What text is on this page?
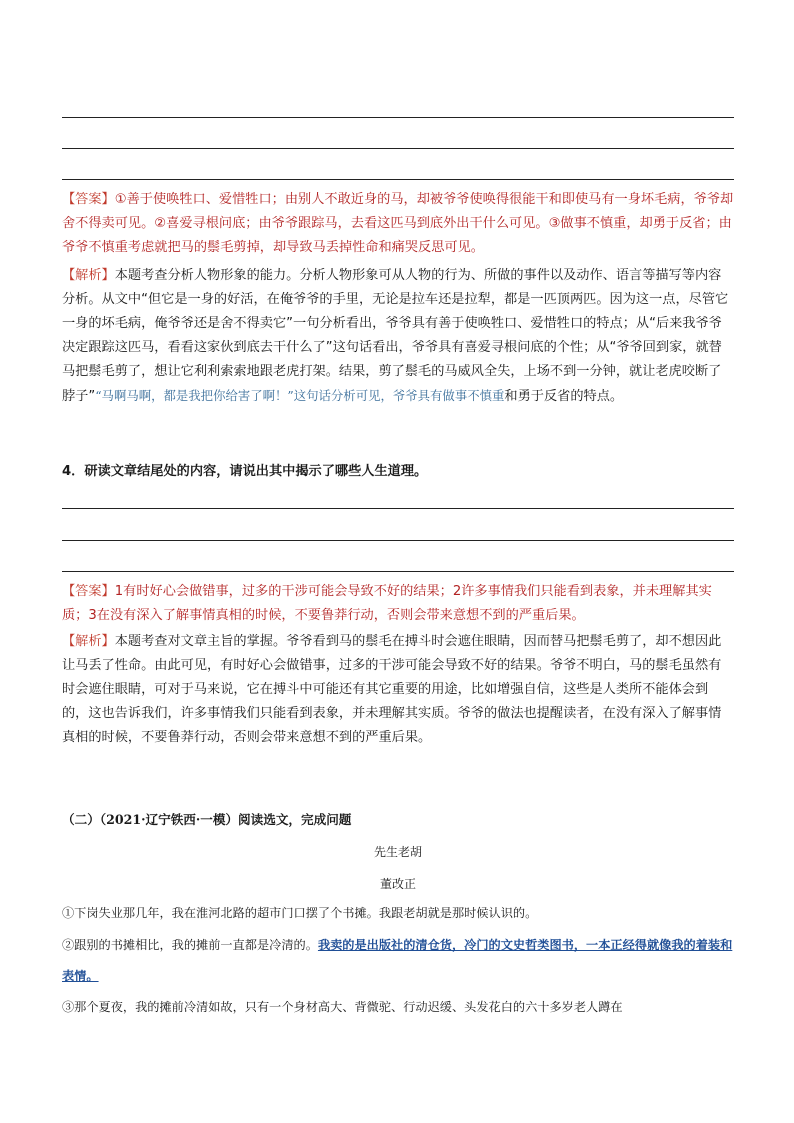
【答案】①善于使唤牲口、爱惜牲口；由别人不敢近身的马，却被爷爷使唤得很能干和即使马有一身坏毛病，爷爷却舍不得卖可见。②喜爱寻根问底；由爷爷跟踪马，去看这匹马到底外出干什么可见。③做事不慎重，却勇于反省；由爷爷不慎重考虑就把马的鬃毛剪掉，却导致马丢掉性命和痛哭反思可见。
【解析】本题考查分析人物形象的能力。分析人物形象可从人物的行为、所做的事件以及动作、语言等描写等内容分析。从文中“但它是一身的好活，在俺爷爷的手里，无论是拉车还是拉犁，都是一匹顶两匹。因为这一点，尽管它一身的坏毛病，俺爷爷还是舍不得卖它”一句分析看出，爷爷具有善于使唤牲口、爱惜牲口的特点；从“后来我爷爷决定跟踪这匹马，看看这家伙到底去干什么了”这句话看出，爷爷具有喜爱寻根问底的个性；从“爷爷回到家，就替马把鬃毛剪了，想让它利利索索地跟老虎打架。结果，剪了鬃毛的马威风全失，上场不到一分钟，就让老虎咬断了脖子”“马啊马啊，都是我把你给害了啊！”这句话分析可见，爷爷具有做事不慎重和勇于反省的特点。
4．研读文章结尾处的内容，请说出其中揭示了哪些人生道理。
【答案】1有时好心会做错事，过多的干涉可能会导致不好的结果；2许多事情我们只能看到表象，并未理解其实质；3在没有深入了解事情真相的时候，不要鲁莽行动，否则会带来意想不到的严重后果。
【解析】本题考查对文章主旨的掌握。爷爷看到马的鬃毛在搏斗时会遮住眼睛，因而替马把鬃毛剪了，却不想因此让马丢了性命。由此可见，有时好心会做错事，过多的干涉可能会导致不好的结果。爷爷不明白，马的鬃毛虽然有时会遮住眼睛，可对于马来说，它在搏斗中可能还有其它重要的用途，比如增强自信，这些是人类所不能体会到的，这也告诉我们，许多事情我们只能看到表象，并未理解其实质。爷爷的做法也提醒读者，在没有深入了解事情真相的时候，不要鲁莽行动，否则会带来意想不到的严重后果。
（二）（2021·辽宁铁西·一模）阅读选文，完成问题
先生老胡
董改正
①下岗失业那几年，我在淮河北路的超市门口摆了个书摊。我跟老胡就是那时候认识的。
②跟别的书摊相比，我的摊前一直都是冷清的。我卖的是出版社的清仓货，冷门的文史哲类图书，一本正经得就像我的着装和表情。
③那个夏夜，我的摊前冷清如故，只有一个身材高大、背微驼、行动迟缓、头发花白的六十多岁老人蹲在
